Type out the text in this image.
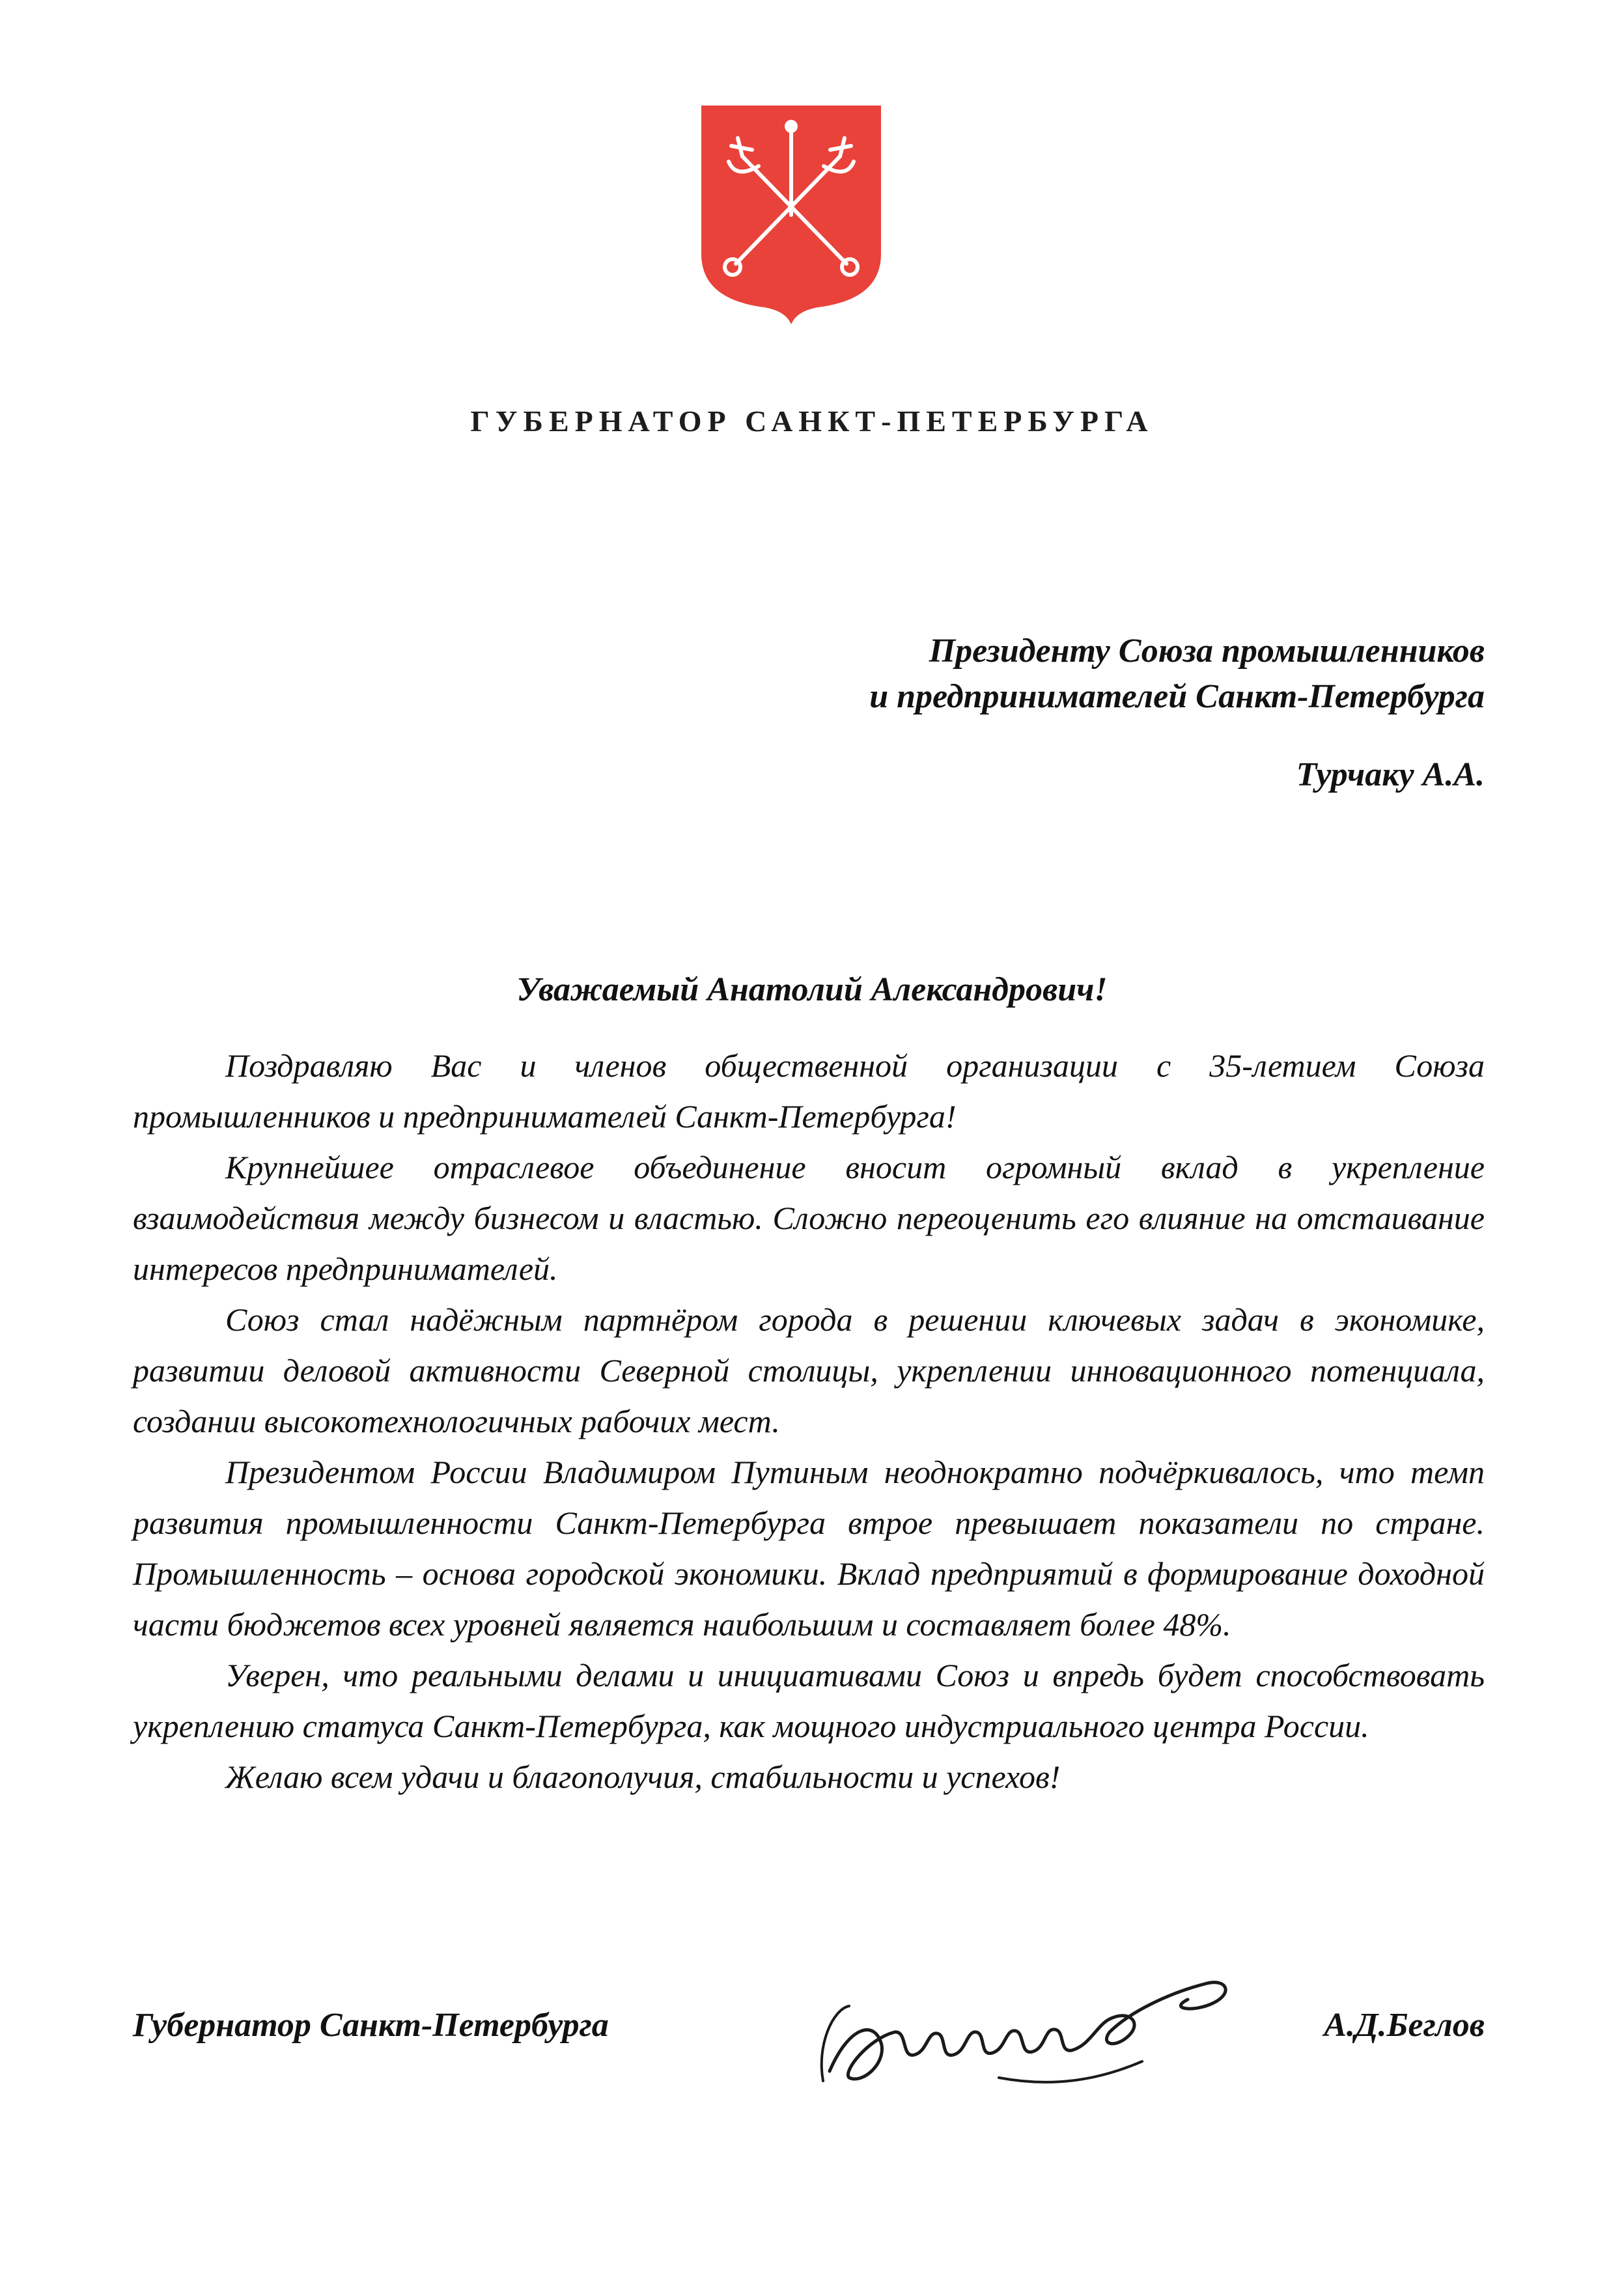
ГУБЕРНАТОР САНКТ-ПЕТЕРБУРГА
Президенту Союза промышленников
и предпринимателей Санкт-Петербурга
Турчаку А.А.
Уважаемый Анатолий Александрович!

Поздравляю Вас и членов общественной организации с 35-летием Союза промышленников и предпринимателей Санкт-Петербурга!

Крупнейшее отраслевое объединение вносит огромный вклад в укрепление взаимодействия между бизнесом и властью. Сложно переоценить его влияние на отстаивание интересов предпринимателей.

Союз стал надёжным партнёром города в решении ключевых задач в экономике, развитии деловой активности Северной столицы, укреплении инновационного потенциала, создании высокотехнологичных рабочих мест.

Президентом России Владимиром Путиным неоднократно подчёркивалось, что темп развития промышленности Санкт-Петербурга втрое превышает показатели по стране. Промышленность – основа городской экономики. Вклад предприятий в формирование доходной части бюджетов всех уровней является наибольшим и составляет более 48%.

Уверен, что реальными делами и инициативами Союз и впредь будет способствовать укреплению статуса Санкт-Петербурга, как мощного индустриального центра России.

Желаю всем удачи и благополучия, стабильности и успехов!

Губернатор Санкт-Петербурга	А.Д.Беглов
